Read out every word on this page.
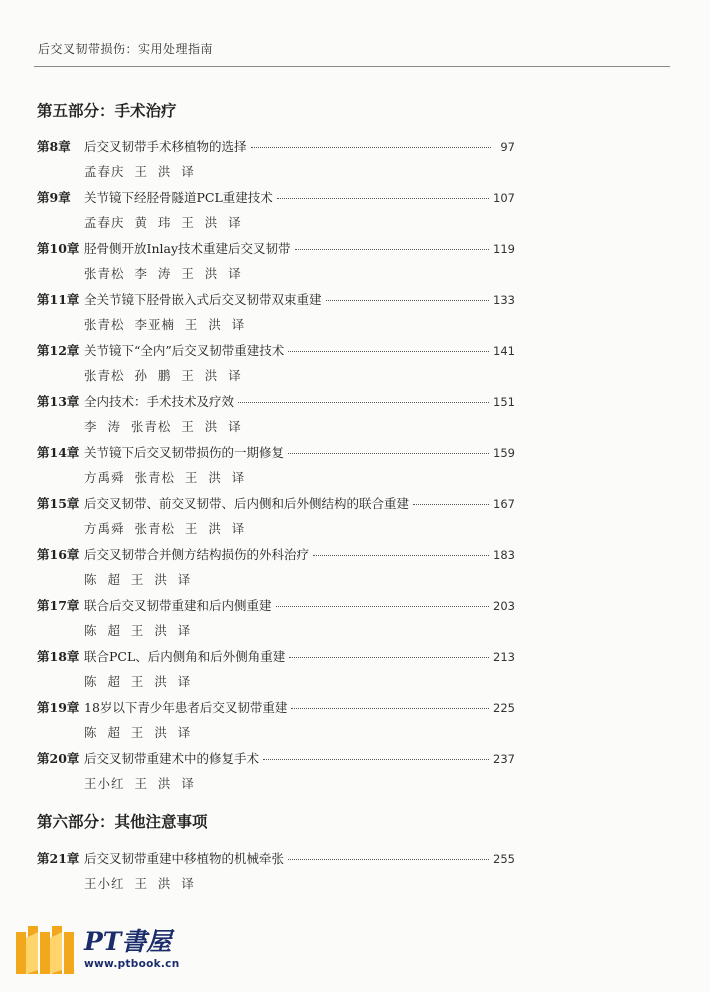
后交叉韧带损伤：实用处理指南
第五部分：手术治疗
第8章	后交叉韧带手术移植物的选择	97
孟春庆  王  洪  译
第9章	关节镜下经胫骨隧道PCL重建技术	107
孟春庆  黄  玮  王  洪  译
第10章 胫骨侧开放Inlay技术重建后交叉韧带	119
张青松  李  涛  王  洪  译
第11章 全关节镜下胫骨嵌入式后交叉韧带双束重建	133
张青松  李亚楠  王  洪  译
第12章 关节镜下“全内”后交叉韧带重建技术	141
张青松  孙  鹏  王  洪  译
第13章 全内技术：手术技术及疗效	151
李  涛  张青松  王  洪  译
第14章 关节镜下后交叉韧带损伤的一期修复	159
方禹舜  张青松  王  洪  译
第15章 后交叉韧带、前交叉韧带、后内侧和后外侧结构的联合重建	167
方禹舜  张青松  王  洪  译
第16章 后交叉韧带合并侧方结构损伤的外科治疗	183
陈  超  王  洪  译
第17章 联合后交叉韧带重建和后内侧重建	203
陈  超  王  洪  译
第18章 联合PCL、后内侧角和后外侧角重建	213
陈  超  王  洪  译
第19章 18岁以下青少年患者后交叉韧带重建	225
陈  超  王  洪  译
第20章 后交叉韧带重建术中的修复手术	237
王小红  王  洪  译
第六部分：其他注意事项
第21章 后交叉韧带重建中移植物的机械牵张	255
王小红  王  洪  译
PT書屋
www.ptbook.cn
